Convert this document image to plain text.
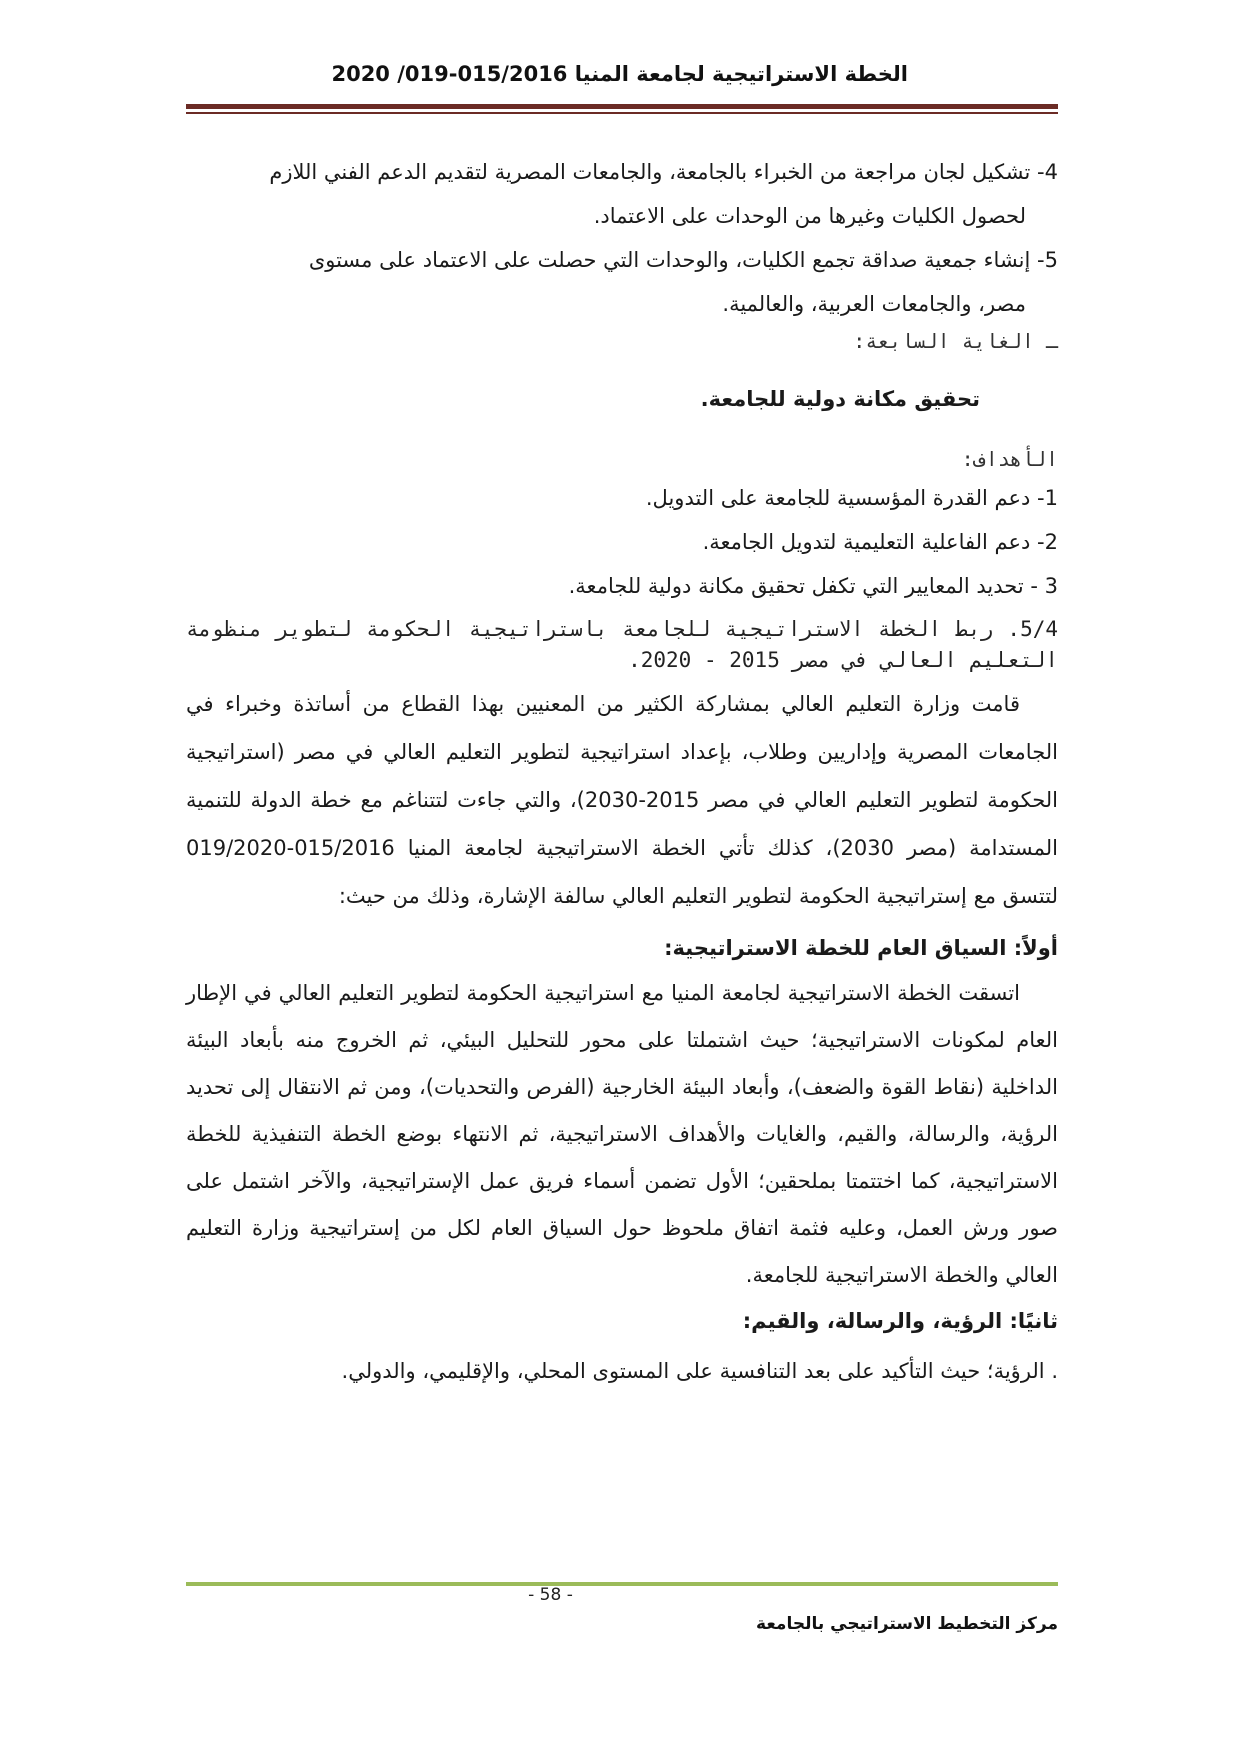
الخطة الاستراتيجية لجامعة المنيا 015/2016-019/ 2020

4- تشكيل لجان مراجعة من الخبراء بالجامعة، والجامعات المصرية لتقديم الدعم الفني اللازم

لحصول الكليات وغيرها من الوحدات على الاعتماد.

5- إنشاء جمعية صداقة تجمع الكليات، والوحدات التي حصلت على الاعتماد على مستوى

مصر، والجامعات العربية، والعالمية.

ـ الغاية السابعة:

تحقيق مكانة دولية للجامعة.

الأهداف:

1- دعم القدرة المؤسسية للجامعة على التدويل.

2- دعم الفاعلية التعليمية لتدويل الجامعة.

3 - تحديد المعايير التي تكفل تحقيق مكانة دولية للجامعة.

5/4. ربط الخطة الاستراتيجية للجامعة باستراتيجية الحكومة لتطوير منظومة التعليم العالي في مصر 2015 - 2020.

قامت وزارة التعليم العالي بمشاركة الكثير من المعنيين بهذا القطاع من أساتذة وخبراء في الجامعات المصرية وإداريين وطلاب، بإعداد استراتيجية لتطوير التعليم العالي في مصر (استراتيجية الحكومة لتطوير التعليم العالي في مصر 2015-2030)، والتي جاءت لتتناغم مع خطة الدولة للتنمية المستدامة (مصر 2030)، كذلك تأتي الخطة الاستراتيجية لجامعة المنيا 015/2016-019/2020 لتتسق مع إستراتيجية الحكومة لتطوير التعليم العالي سالفة الإشارة، وذلك من حيث:

أولاً: السياق العام للخطة الاستراتيجية:

اتسقت الخطة الاستراتيجية لجامعة المنيا مع استراتيجية الحكومة لتطوير التعليم العالي في الإطار العام لمكونات الاستراتيجية؛ حيث اشتملتا على محور للتحليل البيئي، ثم الخروج منه بأبعاد البيئة الداخلية (نقاط القوة والضعف)، وأبعاد البيئة الخارجية (الفرص والتحديات)، ومن ثم الانتقال إلى تحديد الرؤية، والرسالة، والقيم، والغايات والأهداف الاستراتيجية، ثم الانتهاء بوضع الخطة التنفيذية للخطة الاستراتيجية، كما اختتمتا بملحقين؛ الأول تضمن أسماء فريق عمل الإستراتيجية، والآخر اشتمل على صور ورش العمل، وعليه فثمة اتفاق ملحوظ حول السياق العام لكل من إستراتيجية وزارة التعليم العالي والخطة الاستراتيجية للجامعة.

ثانيًا: الرؤية، والرسالة، والقيم:

. الرؤية؛ حيث التأكيد على بعد التنافسية على المستوى المحلي، والإقليمي، والدولي.

- 58 -
مركز التخطيط الاستراتيجي بالجامعة
